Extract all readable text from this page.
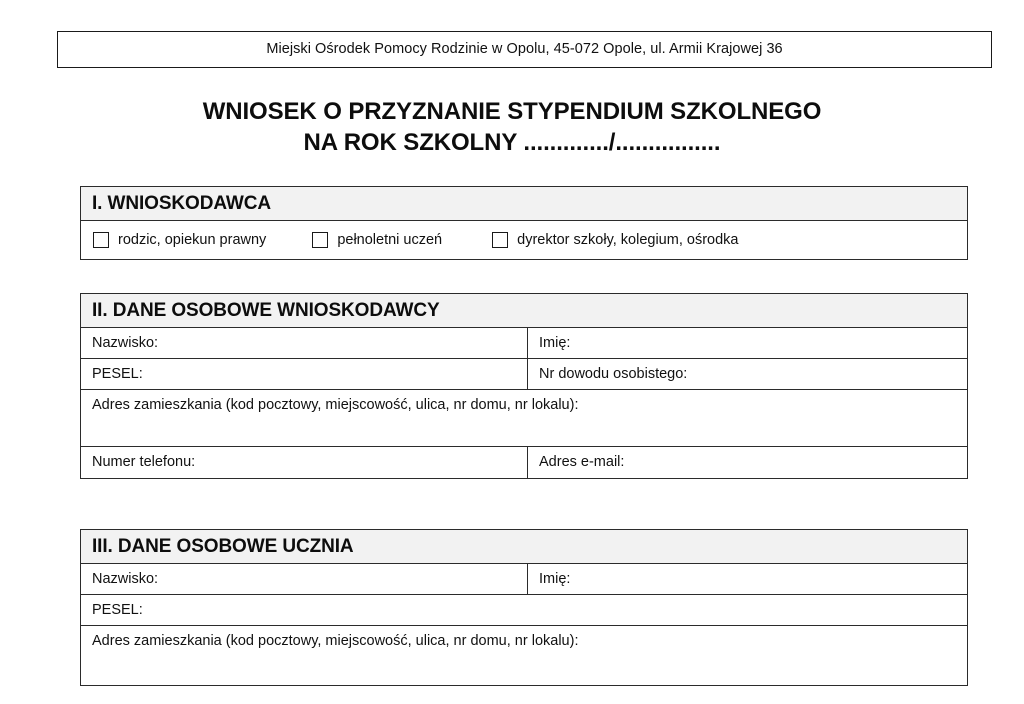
Miejski Ośrodek Pomocy Rodzinie w Opolu, 45-072 Opole, ul. Armii Krajowej 36
WNIOSEK O PRZYZNANIE STYPENDIUM SZKOLNEGO
NA ROK SZKOLNY ............./................
I. WNIOSKODAWCA
rodzic, opiekun prawny	pełnoletni uczeń	dyrektor szkoły, kolegium, ośrodka
II. DANE OSOBOWE WNIOSKODAWCY
Nazwisko:	Imię:
PESEL:	Nr dowodu osobistego:
Adres zamieszkania (kod pocztowy, miejscowość, ulica, nr domu, nr lokalu):
Numer telefonu:	Adres e-mail:
III. DANE OSOBOWE UCZNIA
Nazwisko:	Imię:
PESEL:
Adres zamieszkania (kod pocztowy, miejscowość, ulica, nr domu, nr lokalu):
